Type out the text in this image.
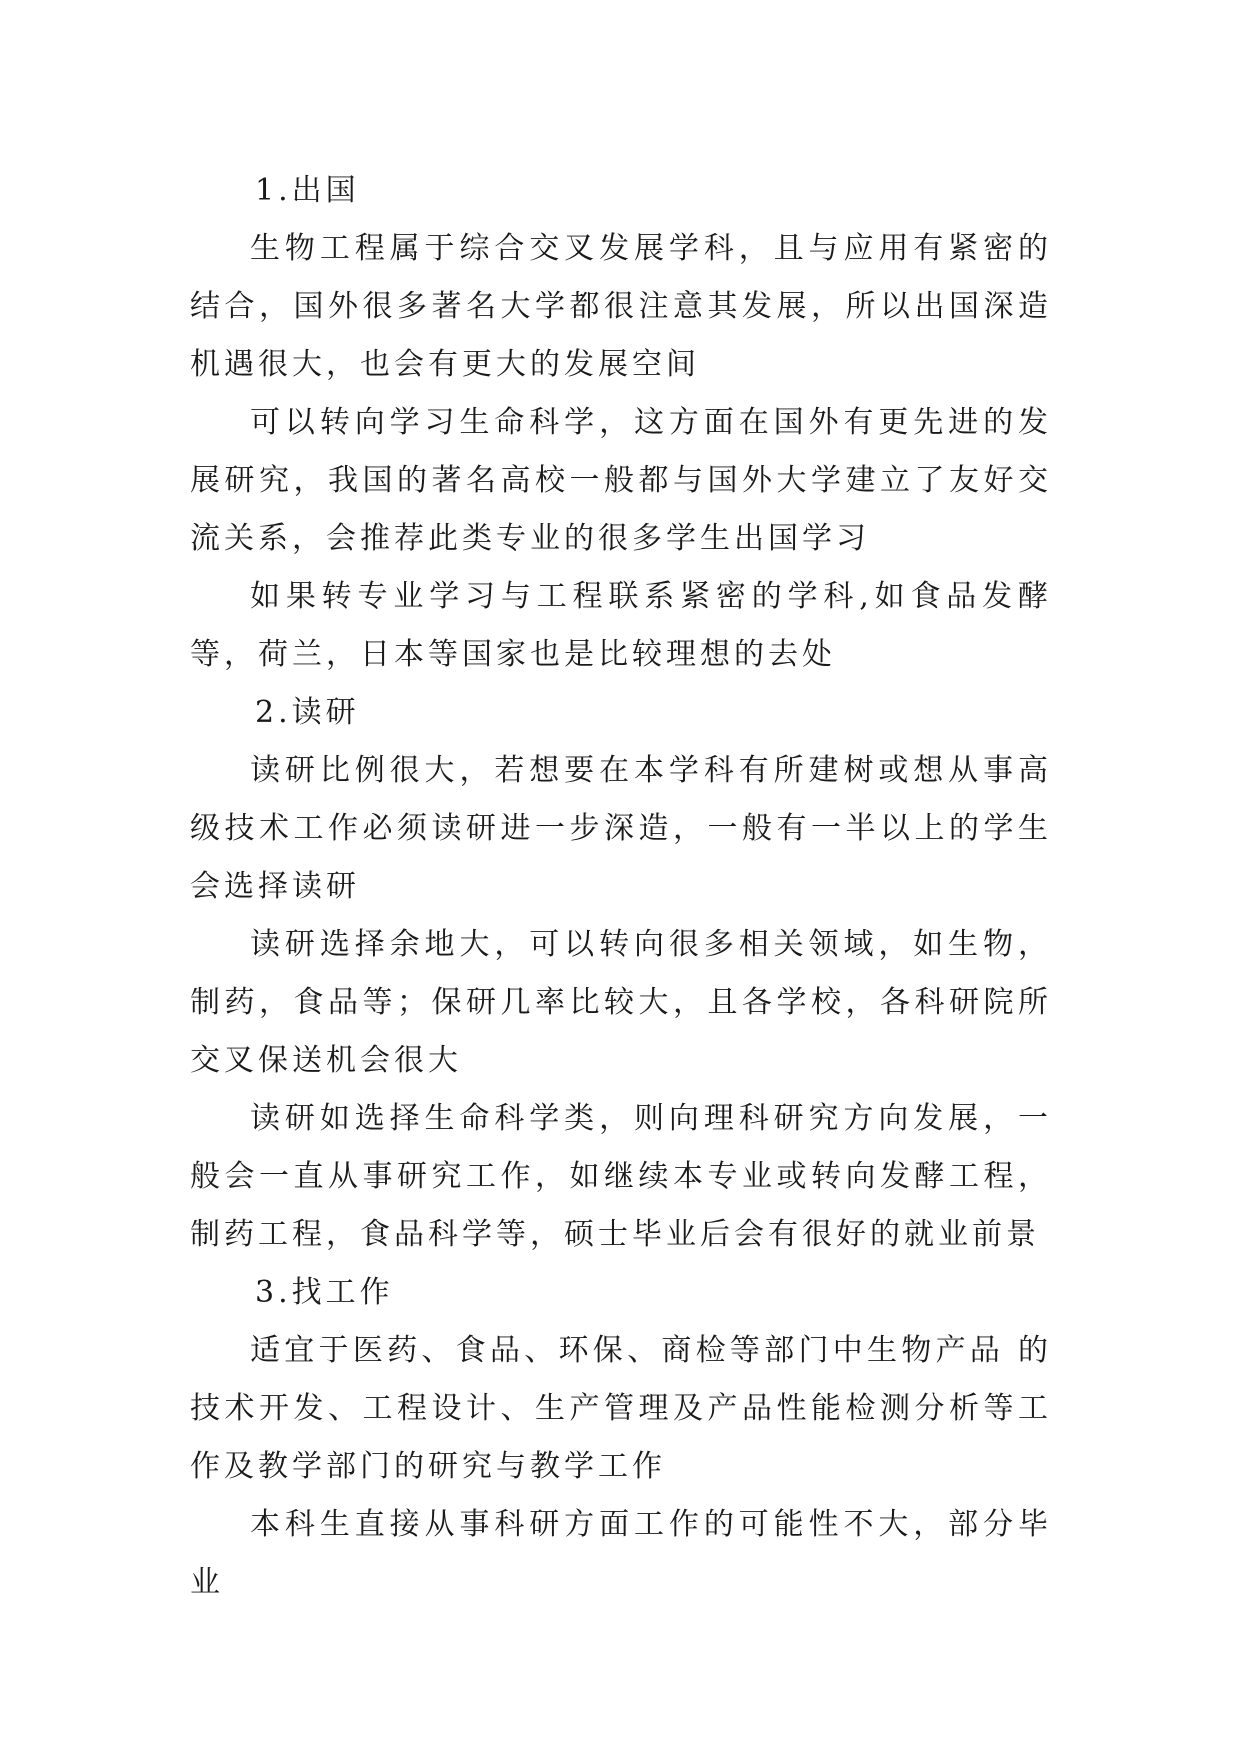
1.出国

生物工程属于综合交叉发展学科，且与应用有紧密的结合，国外很多著名大学都很注意其发展，所以出国深造机遇很大，也会有更大的发展空间

可以转向学习生命科学，这方面在国外有更先进的发展研究，我国的著名高校一般都与国外大学建立了友好交流关系，会推荐此类专业的很多学生出国学习

如果转专业学习与工程联系紧密的学科,如食品发酵等，荷兰，日本等国家也是比较理想的去处

2.读研

读研比例很大，若想要在本学科有所建树或想从事高级技术工作必须读研进一步深造，一般有一半以上的学生会选择读研

读研选择余地大，可以转向很多相关领域，如生物，制药，食品等；保研几率比较大，且各学校，各科研院所交叉保送机会很大

读研如选择生命科学类，则向理科研究方向发展，一般会一直从事研究工作，如继续本专业或转向发酵工程，制药工程，食品科学等，硕士毕业后会有很好的就业前景

3.找工作

适宜于医药、食品、环保、商检等部门中生物产品 的技术开发、工程设计、生产管理及产品性能检测分析等工作及教学部门的研究与教学工作

本科生直接从事科研方面工作的可能性不大，部分毕业
